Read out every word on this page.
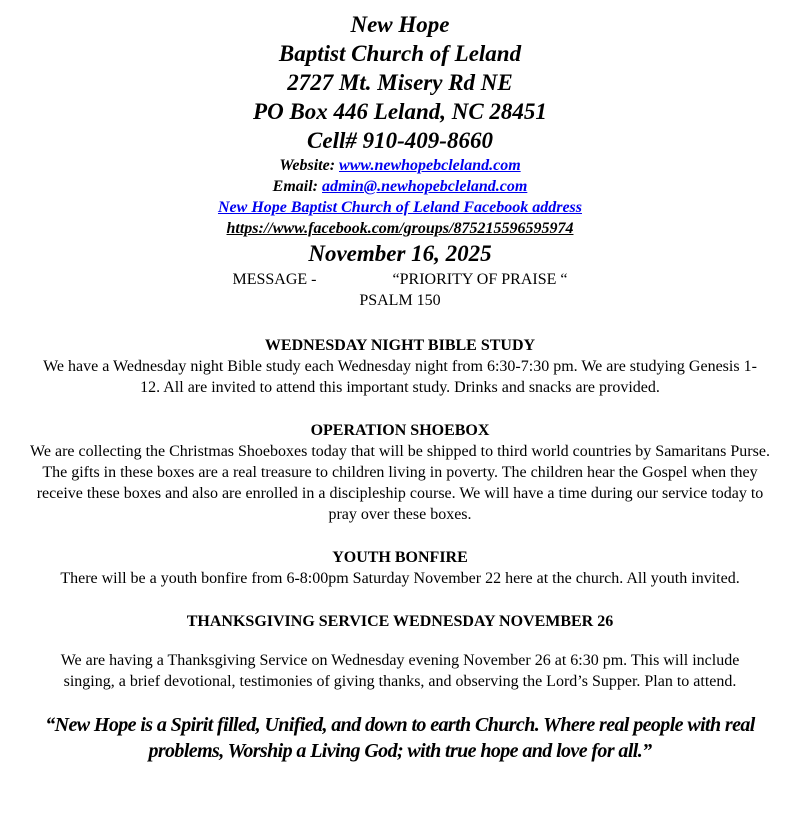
New Hope

Baptist Church of Leland

2727 Mt. Misery Rd NE

PO Box 446 Leland, NC 28451

Cell# 910-409-8660

Website: www.newhopebcleland.com

Email: admin@.newhopebcleland.com

New Hope Baptist Church of Leland Facebook address

https://www.facebook.com/groups/875215596595974

November 16, 2025

MESSAGE -	“PRIORITY OF PRAISE “
PSALM 150

WEDNESDAY NIGHT BIBLE STUDY

We have a Wednesday night Bible study each Wednesday night from 6:30-7:30 pm. We are studying Genesis 1-12. All are invited to attend this important study. Drinks and snacks are provided.

OPERATION SHOEBOX

We are collecting the Christmas Shoeboxes today that will be shipped to third world countries by Samaritans Purse. The gifts in these boxes are a real treasure to children living in poverty. The children hear the Gospel when they receive these boxes and also are enrolled in a discipleship course. We will have a time during our service today to pray over these boxes.

YOUTH BONFIRE

There will be a youth bonfire from 6-8:00pm Saturday November 22 here at the church. All youth invited.

THANKSGIVING SERVICE WEDNESDAY NOVEMBER 26

We are having a Thanksgiving Service on Wednesday evening November 26 at 6:30 pm. This will include singing, a brief devotional, testimonies of giving thanks, and observing the Lord’s Supper. Plan to attend.

“New Hope is a Spirit filled, Unified, and down to earth Church. Where real people with real problems, Worship a Living God; with true hope and love for all.”
